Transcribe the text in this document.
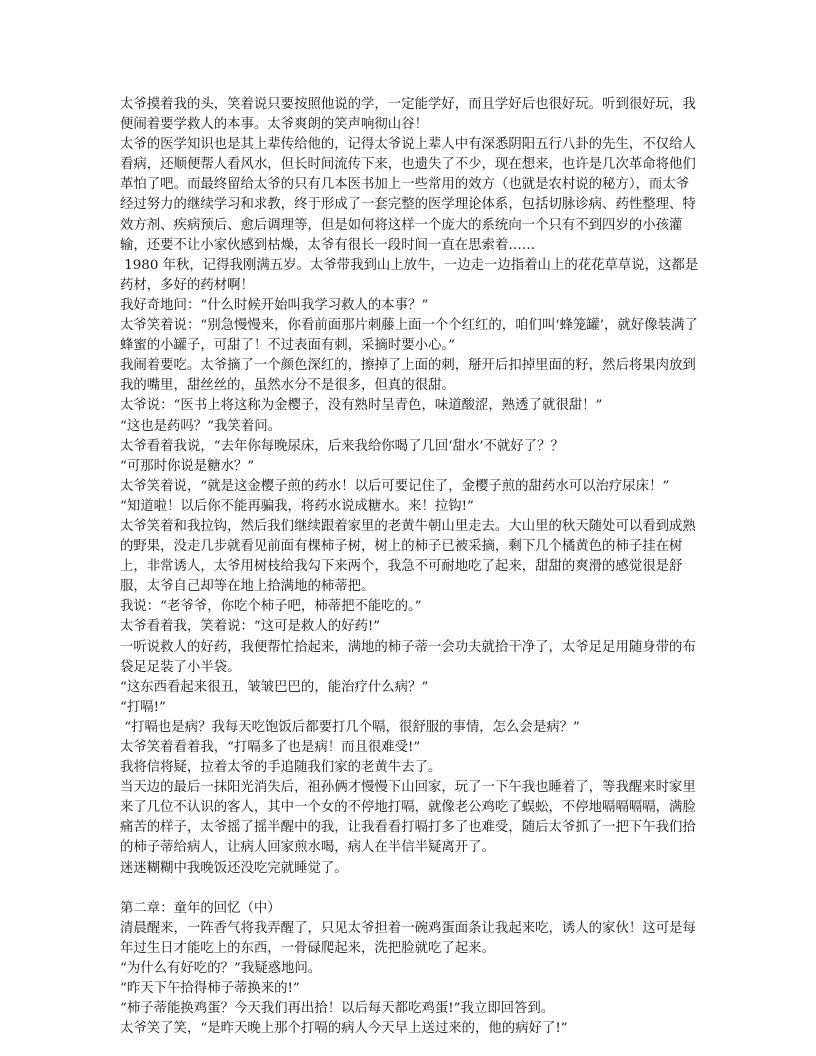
太爷摸着我的头，笑着说只要按照他说的学，一定能学好，而且学好后也很好玩。听到很好玩，我便闹着要学救人的本事。太爷爽朗的笑声响彻山谷！

太爷的医学知识也是其上辈传给他的，记得太爷说上辈人中有深悉阴阳五行八卦的先生，不仅给人看病，还顺便帮人看风水，但长时间流传下来，也遗失了不少，现在想来，也许是几次革命将他们革怕了吧。而最终留给太爷的只有几本医书加上一些常用的效方（也就是农村说的秘方），而太爷经过努力的继续学习和求教，终于形成了一套完整的医学理论体系，包括切脉诊病、药性整理、特效方剂、疾病预后、愈后调理等，但是如何将这样一个庞大的系统向一个只有不到四岁的小孩灌输，还要不让小家伙感到枯燥，太爷有很长一段时间一直在思索着……

1980 年秋，记得我刚满五岁。太爷带我到山上放牛，一边走一边指着山上的花花草草说，这都是药材，多好的药材啊！

我好奇地问：“什么时候开始叫我学习救人的本事？”

太爷笑着说：“别急慢慢来，你看前面那片刺藤上面一个个红红的，咱们叫‘蜂笼罐’，就好像装满了蜂蜜的小罐子，可甜了！不过表面有刺，采摘时要小心。”

我闹着要吃。太爷摘了一个颜色深红的，擦掉了上面的刺，掰开后扣掉里面的籽，然后将果肉放到我的嘴里，甜丝丝的，虽然水分不是很多，但真的很甜。

太爷说：“医书上将这称为金樱子，没有熟时呈青色，味道酸涩，熟透了就很甜！”

“这也是药吗？”我笑着问。

太爷看着我说，“去年你每晚尿床，后来我给你喝了几回‘甜水’不就好了？？

“可那时你说是糖水？”

太爷笑着说，“就是这金樱子煎的药水！以后可要记住了，金樱子煎的甜药水可以治疗尿床！”

“知道啦！以后你不能再骗我，将药水说成糖水。来！拉钩!”

太爷笑着和我拉钩，然后我们继续跟着家里的老黄牛朝山里走去。大山里的秋天随处可以看到成熟的野果，没走几步就看见前面有棵柿子树，树上的柿子已被采摘，剩下几个橘黄色的柿子挂在树上，非常诱人，太爷用树枝给我勾下来两个，我急不可耐地吃了起来，甜甜的爽滑的感觉很是舒服，太爷自己却等在地上拾满地的柿蒂把。

我说：“老爷爷，你吃个柿子吧，柿蒂把不能吃的。”

太爷看着我，笑着说：“这可是救人的好药!”

一听说救人的好药，我便帮忙拾起来，满地的柿子蒂一会功夫就拾干净了，太爷足足用随身带的布袋足足装了小半袋。

“这东西看起来很丑，皱皱巴巴的，能治疗什么病？”

“打嗝!”

“打嗝也是病？我每天吃饱饭后都要打几个嗝，很舒服的事情，怎么会是病？”

太爷笑着看着我，“打嗝多了也是病！而且很难受!”

我将信将疑，拉着太爷的手追随我们家的老黄牛去了。

当天边的最后一抹阳光消失后，祖孙俩才慢慢下山回家，玩了一下午我也睡着了，等我醒来时家里来了几位不认识的客人，其中一个女的不停地打嗝，就像老公鸡吃了蜈蚣，不停地嗝嗝嗝嗝，满脸痛苦的样子，太爷摇了摇半醒中的我，让我看看打嗝打多了也难受，随后太爷抓了一把下午我们拾的柿子蒂给病人，让病人回家煎水喝，病人在半信半疑离开了。

迷迷糊糊中我晚饭还没吃完就睡觉了。

第二章：童年的回忆（中）

清晨醒来，一阵香气将我弄醒了，只见太爷担着一碗鸡蛋面条让我起来吃，诱人的家伙！这可是每年过生日才能吃上的东西，一骨碌爬起来，洗把脸就吃了起来。

“为什么有好吃的？”我疑惑地问。

“昨天下午拾得柿子蒂换来的!”

“柿子蒂能换鸡蛋？今天我们再出拾！以后每天都吃鸡蛋!”我立即回答到。

太爷笑了笑，“是昨天晚上那个打嗝的病人今天早上送过来的，他的病好了!”
